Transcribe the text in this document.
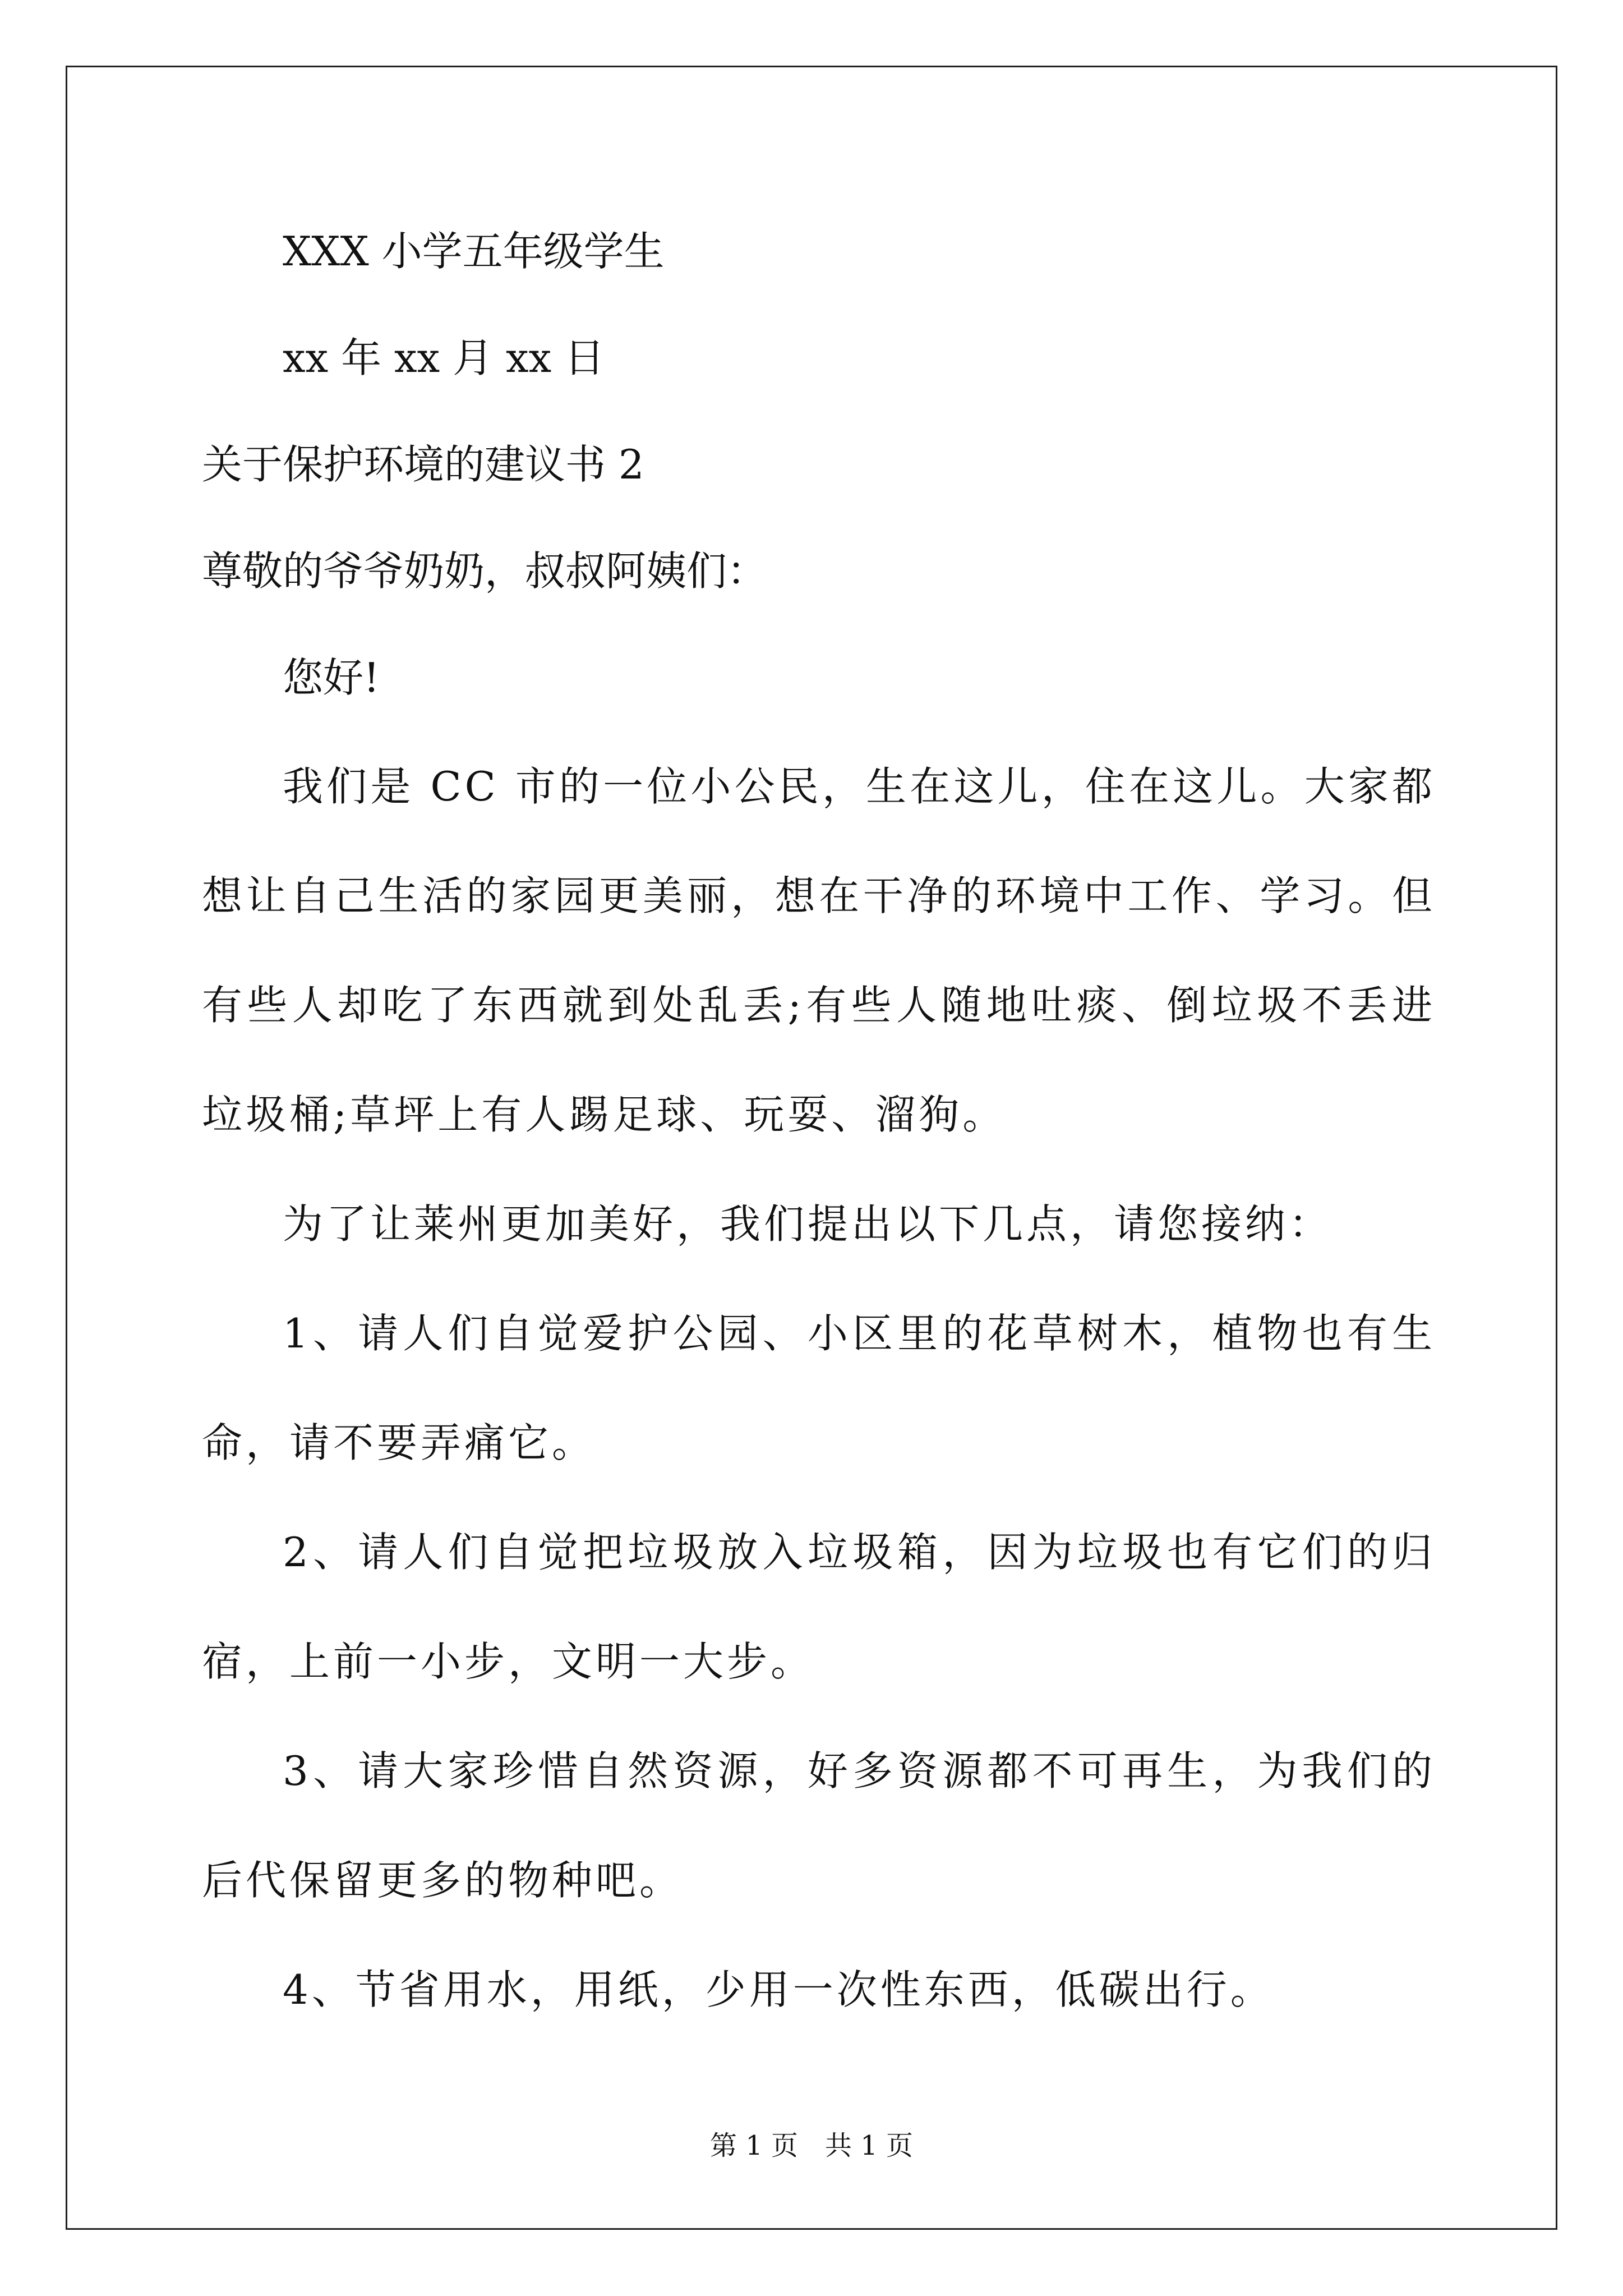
XXX 小学五年级学生
xx 年 xx 月 xx 日
关于保护环境的建议书 2
尊敬的爷爷奶奶，叔叔阿姨们：
您好!
我们是 CC 市的一位小公民，生在这儿，住在这儿。大家都想让自己生活的家园更美丽，想在干净的环境中工作、学习。但有些人却吃了东西就到处乱丢;有些人随地吐痰、倒垃圾不丢进垃圾桶;草坪上有人踢足球、玩耍、溜狗。
为了让莱州更加美好，我们提出以下几点，请您接纳：
1、请人们自觉爱护公园、小区里的花草树木，植物也有生命，请不要弄痛它。
2、请人们自觉把垃圾放入垃圾箱，因为垃圾也有它们的归宿，上前一小步，文明一大步。
3、请大家珍惜自然资源，好多资源都不可再生，为我们的后代保留更多的物种吧。
4、节省用水，用纸，少用一次性东西，低碳出行。
第 1 页　共 1 页
